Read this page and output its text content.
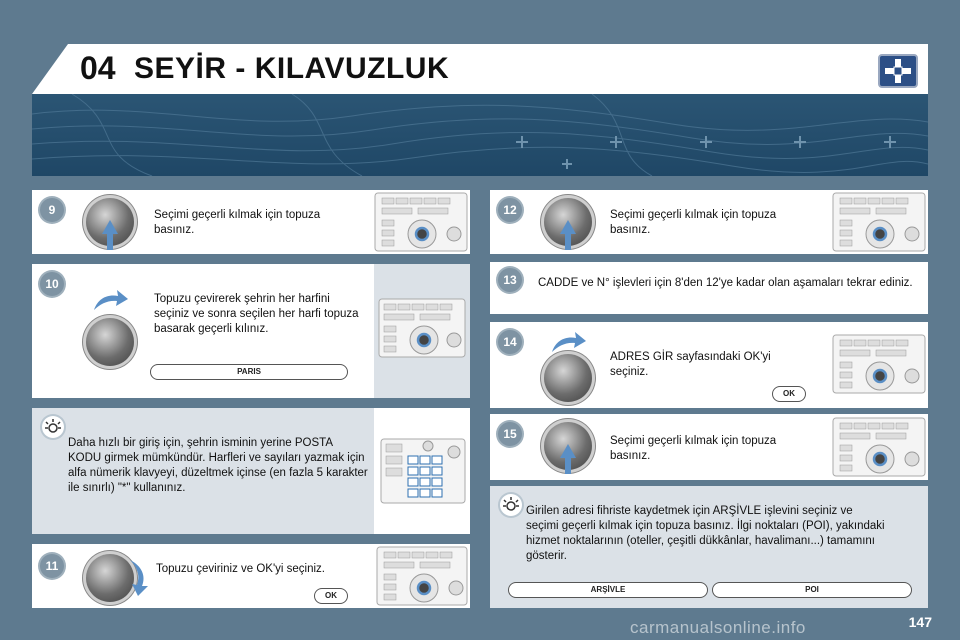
04 SEYİR - KILAVUZLUK
9	Seçimi geçerli kılmak için topuza basınız.
10
Topuzu çevirerek şehrin her harfini seçiniz ve sonra seçilen her harfi topuza basarak geçerli kılınız.
PARIS
Daha hızlı bir giriş için, şehrin isminin yerine POSTA KODU girmek mümkündür. Harfleri ve sayıları yazmak için alfa nümerik klavyeyi, düzeltmek içinse (en fazla 5 karakter ile sınırlı) "*" kullanınız.
11	Topuzu çeviriniz ve OK'yi seçiniz.
OK
12	Seçimi geçerli kılmak için topuza basınız.
13	CADDE ve N° işlevleri için 8'den 12'ye kadar olan aşamaları tekrar ediniz.
14
ADRES GİR sayfasındaki OK'yi seçiniz.
OK
15	Seçimi geçerli kılmak için topuza basınız.
Girilen adresi fihriste kaydetmek için ARŞİVLE işlevini seçiniz ve seçimi geçerli kılmak için topuza basınız. İlgi noktaları (POI), yakındaki hizmet noktalarının (oteller, çeşitli dükkânlar, havalimanı...) tamamını gösterir.
ARŞİVLE	POI
147
carmanualsonline.info
